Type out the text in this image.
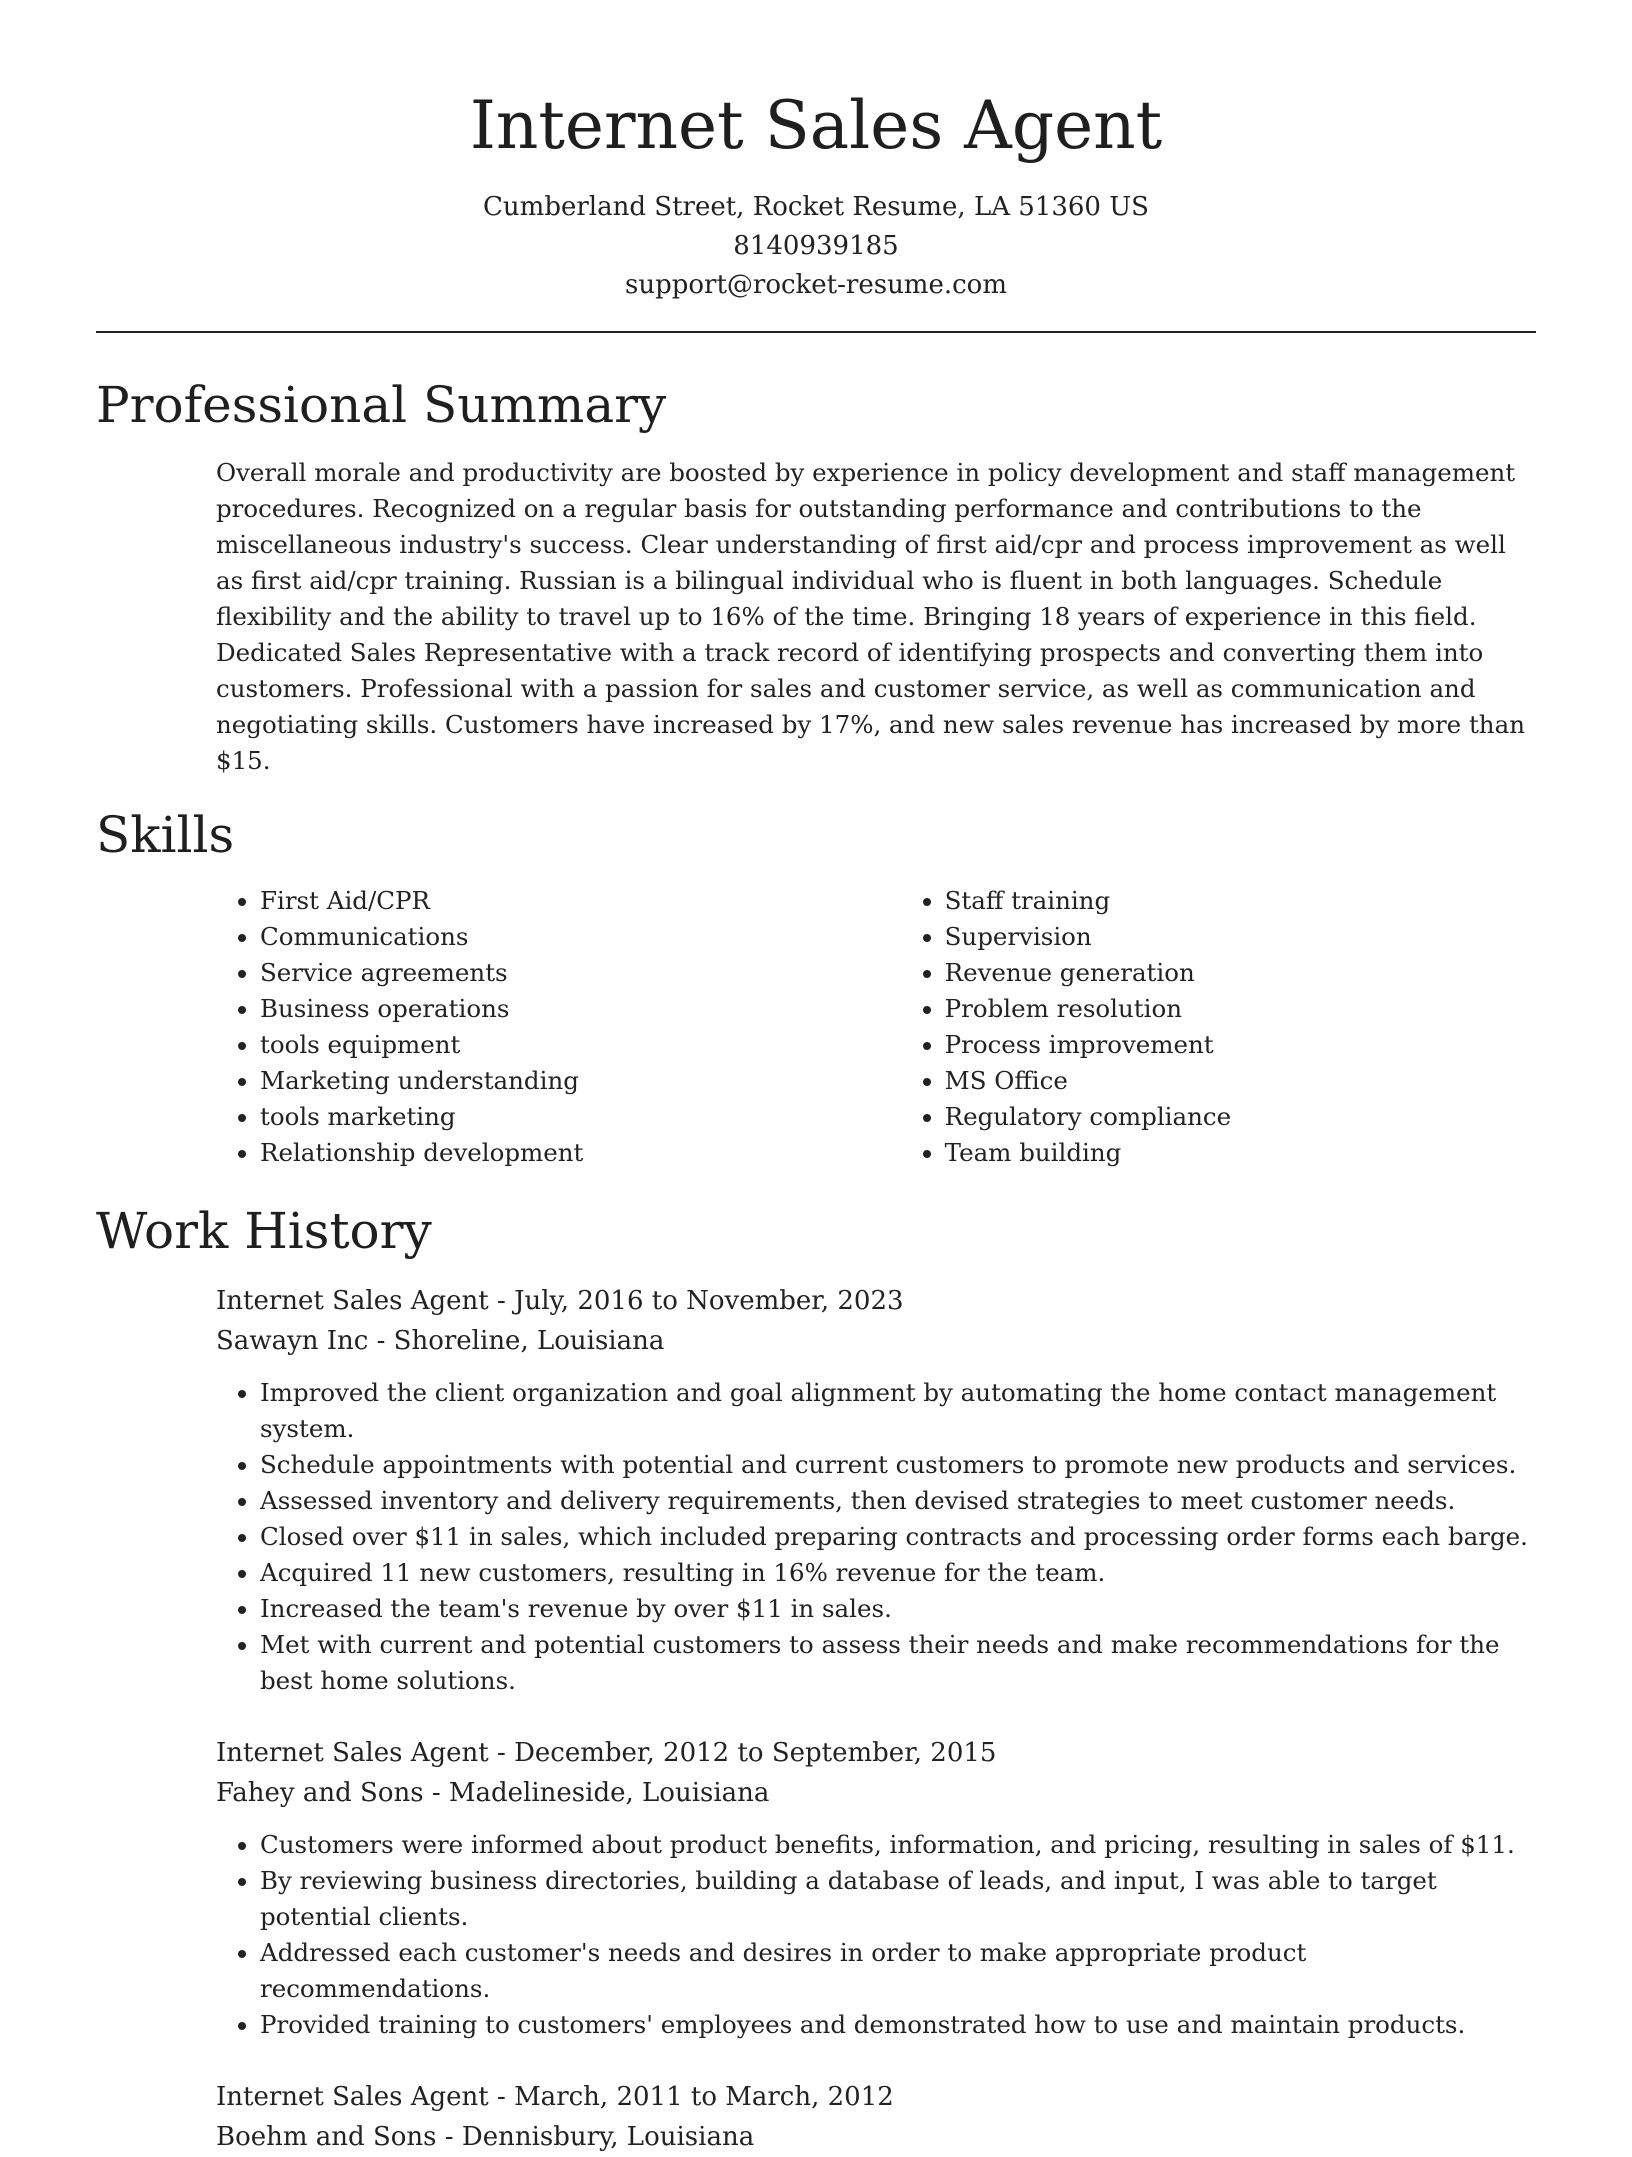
Internet Sales Agent
Cumberland Street, Rocket Resume, LA 51360 US
8140939185
support@rocket-resume.com
Professional Summary

Overall morale and productivity are boosted by experience in policy development and staff management procedures. Recognized on a regular basis for outstanding performance and contributions to the miscellaneous industry's success. Clear understanding of first aid/cpr and process improvement as well as first aid/cpr training. Russian is a bilingual individual who is fluent in both languages. Schedule flexibility and the ability to travel up to 16% of the time. Bringing 18 years of experience in this field. Dedicated Sales Representative with a track record of identifying prospects and converting them into customers. Professional with a passion for sales and customer service, as well as communication and negotiating skills. Customers have increased by 17%, and new sales revenue has increased by more than $15.

Skills
• First Aid/CPR
• Communications
• Service agreements
• Business operations
• tools equipment
• Marketing understanding
• tools marketing
• Relationship development
• Staff training
• Supervision
• Revenue generation
• Problem resolution
• Process improvement
• MS Office
• Regulatory compliance
• Team building
Work History
Internet Sales Agent - July, 2016 to November, 2023
Sawayn Inc - Shoreline, Louisiana
• Improved the client organization and goal alignment by automating the home contact management system.
• Schedule appointments with potential and current customers to promote new products and services.
• Assessed inventory and delivery requirements, then devised strategies to meet customer needs.
• Closed over $11 in sales, which included preparing contracts and processing order forms each barge.
• Acquired 11 new customers, resulting in 16% revenue for the team.
• Increased the team's revenue by over $11 in sales.
• Met with current and potential customers to assess their needs and make recommendations for the best home solutions.
Internet Sales Agent - December, 2012 to September, 2015
Fahey and Sons - Madelineside, Louisiana
• Customers were informed about product benefits, information, and pricing, resulting in sales of $11.
• By reviewing business directories, building a database of leads, and input, I was able to target potential clients.
• Addressed each customer's needs and desires in order to make appropriate product recommendations.
• Provided training to customers' employees and demonstrated how to use and maintain products.
Internet Sales Agent - March, 2011 to March, 2012
Boehm and Sons - Dennisbury, Louisiana
